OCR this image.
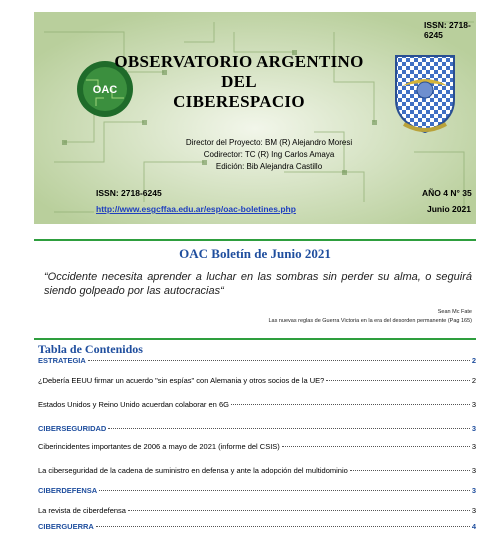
ISSN: 2718-6245
OAC
OBSERVATORIO ARGENTINO
DEL
CIBERESPACIO
Director del Proyecto: BM (R) Alejandro Moresi
Codirector: TC (R) Ing Carlos Amaya
Edición: Bib Alejandra Castillo
ISSN: 2718-6245
http://www.esgcffaa.edu.ar/esp/oac-boletines.php
AÑO 4 N° 35
Junio 2021
OAC Boletín de Junio 2021
“Occidente necesita aprender a luchar en las sombras sin perder su alma, o seguirá siendo golpeado por las autocracias“
Sean Mc Fate
Las nuevas reglas de Guerra Victoria en la era del desorden permanente (Pag 165)
Tabla de Contenidos
ESTRATEGIA	2
¿Debería EEUU firmar un acuerdo "sin espías" con Alemania y otros socios de la UE?	2
Estados Unidos y Reino Unido acuerdan colaborar en 6G	3
CIBERSEGURIDAD	3
Ciberincidentes importantes de 2006 a mayo de 2021 (informe del CSIS)	3
La ciberseguridad de la cadena de suministro en defensa y ante la adopción del multidominio	3
CIBERDEFENSA	3
La revista de ciberdefensa	3
CIBERGUERRA	4
